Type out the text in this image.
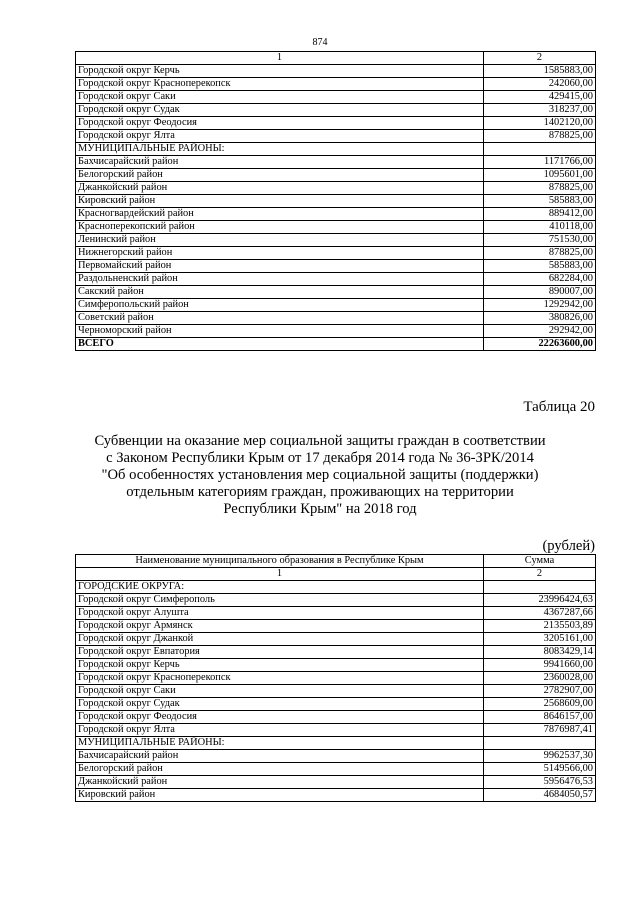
874
1	2
Городской округ Керчь	1585883,00
Городской округ Красноперекопск	242060,00
Городской округ Саки	429415,00
Городской округ Судак	318237,00
Городской округ Феодосия	1402120,00
Городской округ Ялта	878825,00
МУНИЦИПАЛЬНЫЕ РАЙОНЫ:	
Бахчисарайский район	1171766,00
Белогорский район	1095601,00
Джанкойский район	878825,00
Кировский район	585883,00
Красногвардейский район	889412,00
Красноперекопский район	410118,00
Ленинский район	751530,00
Нижнегорский район	878825,00
Первомайский район	585883,00
Раздольненский район	682284,00
Сакский район	890007,00
Симферопольский район	1292942,00
Советский район	380826,00
Черноморский район	292942,00
ВСЕГО	22263600,00
Таблица 20
Субвенции на оказание мер социальной защиты граждан в соответствии
с Законом Республики Крым от 17 декабря 2014 года № 36-ЗРК/2014
"Об особенностях установления мер социальной защиты (поддержки)
отдельным категориям граждан, проживающих на территории
Республики Крым" на 2018 год
(рублей)
Наименование муниципального образования в Республике Крым	Сумма
1	2
ГОРОДСКИЕ ОКРУГА:	
Городской округ Симферополь	23996424,63
Городской округ Алушта	4367287,66
Городской округ Армянск	2135503,89
Городской округ Джанкой	3205161,00
Городской округ Евпатория	8083429,14
Городской округ Керчь	9941660,00
Городской округ Красноперекопск	2360028,00
Городской округ Саки	2782907,00
Городской округ Судак	2568609,00
Городской округ Феодосия	8646157,00
Городской округ Ялта	7876987,41
МУНИЦИПАЛЬНЫЕ РАЙОНЫ:	
Бахчисарайский район	9962537,30
Белогорский район	5149566,00
Джанкойский район	5956476,53
Кировский район	4684050,57
